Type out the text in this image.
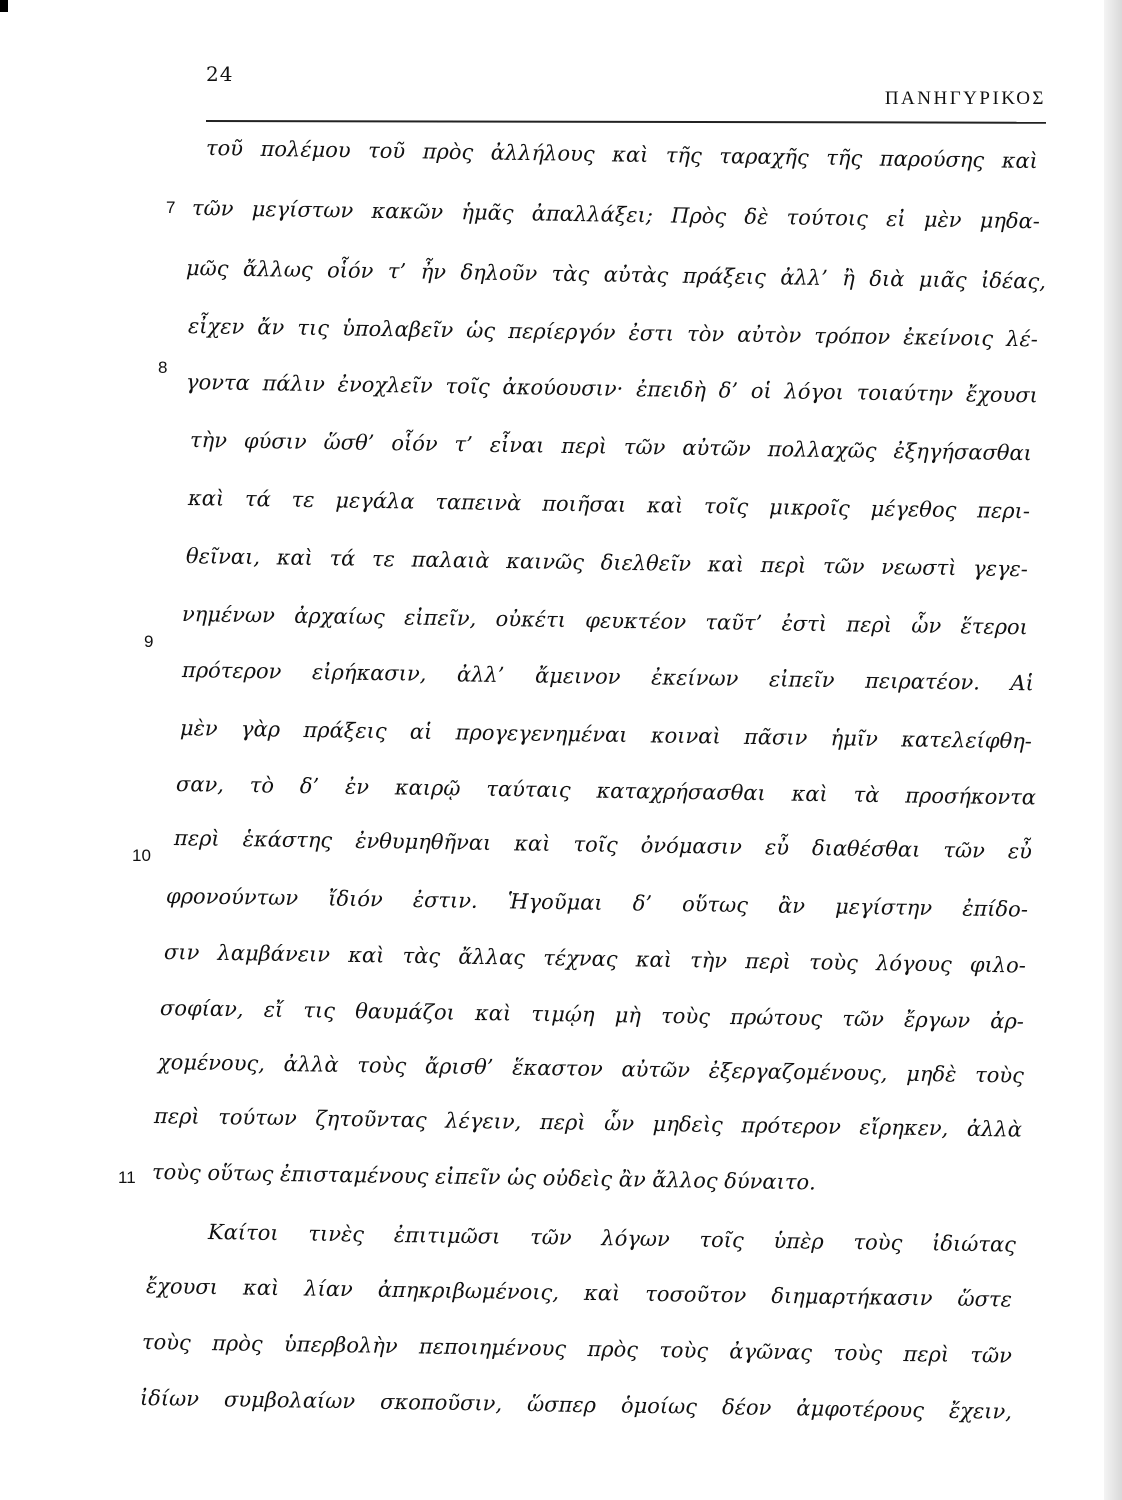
24
ΠΑΝΗΓΥΡΙΚΟΣ
τοῦ πολέμου τοῦ πρὸς ἀλλήλους καὶ τῆς ταραχῆς τῆς παρούσης καὶ
τῶν μεγίστων κακῶν ἡμᾶς ἀπαλλάξει; Πρὸς δὲ τούτοις εἰ μὲν μηδα-
μῶς ἄλλως οἷόν τ’ ἦν δηλοῦν τὰς αὐτὰς πράξεις ἀλλ’ ἢ διὰ μιᾶς ἰδέας,
εἶχεν ἄν τις ὑπολαβεῖν ὡς περίεργόν ἐστι τὸν αὐτὸν τρόπον ἐκείνοις λέ-
γοντα πάλιν ἐνοχλεῖν τοῖς ἀκούουσιν· ἐπειδὴ δ’ οἱ λόγοι τοιαύτην ἔχουσι
τὴν φύσιν ὥσθ’ οἷόν τ’ εἶναι περὶ τῶν αὐτῶν πολλαχῶς ἐξηγήσασθαι
καὶ τά τε μεγάλα ταπεινὰ ποιῆσαι καὶ τοῖς μικροῖς μέγεθος περι-
θεῖναι, καὶ τά τε παλαιὰ καινῶς διελθεῖν καὶ περὶ τῶν νεωστὶ γεγε-
νημένων ἀρχαίως εἰπεῖν, οὐκέτι φευκτέον ταῦτ’ ἐστὶ περὶ ὧν ἕτεροι
πρότερον εἰρήκασιν, ἀλλ’ ἄμεινον ἐκείνων εἰπεῖν πειρατέον. Αἱ
μὲν γὰρ πράξεις αἱ προγεγενημέναι κοιναὶ πᾶσιν ἡμῖν κατελείφθη-
σαν, τὸ δ’ ἐν καιρῷ ταύταις καταχρήσασθαι καὶ τὰ προσήκοντα
περὶ ἑκάστης ἐνθυμηθῆναι καὶ τοῖς ὀνόμασιν εὖ διαθέσθαι τῶν εὖ
φρονούντων ἴδιόν ἐστιν. Ἡγοῦμαι δ’ οὕτως ἂν μεγίστην ἐπίδο-
σιν λαμβάνειν καὶ τὰς ἄλλας τέχνας καὶ τὴν περὶ τοὺς λόγους φιλο-
σοφίαν, εἴ τις θαυμάζοι καὶ τιμῴη μὴ τοὺς πρώτους τῶν ἔργων ἀρ-
χομένους, ἀλλὰ τοὺς ἄρισθ’ ἕκαστον αὐτῶν ἐξεργαζομένους, μηδὲ τοὺς
περὶ τούτων ζητοῦντας λέγειν, περὶ ὧν μηδεὶς πρότερον εἴρηκεν, ἀλλὰ
τοὺς οὕτως ἐπισταμένους εἰπεῖν ὡς οὐδεὶς ἂν ἄλλος δύναιτο.
Καίτοι τινὲς ἐπιτιμῶσι τῶν λόγων τοῖς ὑπὲρ τοὺς ἰδιώτας
ἔχουσι καὶ λίαν ἀπηκριβωμένοις, καὶ τοσοῦτον διημαρτήκασιν ὥστε
τοὺς πρὸς ὑπερβολὴν πεποιημένους πρὸς τοὺς ἀγῶνας τοὺς περὶ τῶν
ἰδίων συμβολαίων σκοποῦσιν, ὥσπερ ὁμοίως δέον ἀμφοτέρους ἔχειν,
7
8
9
10
11
